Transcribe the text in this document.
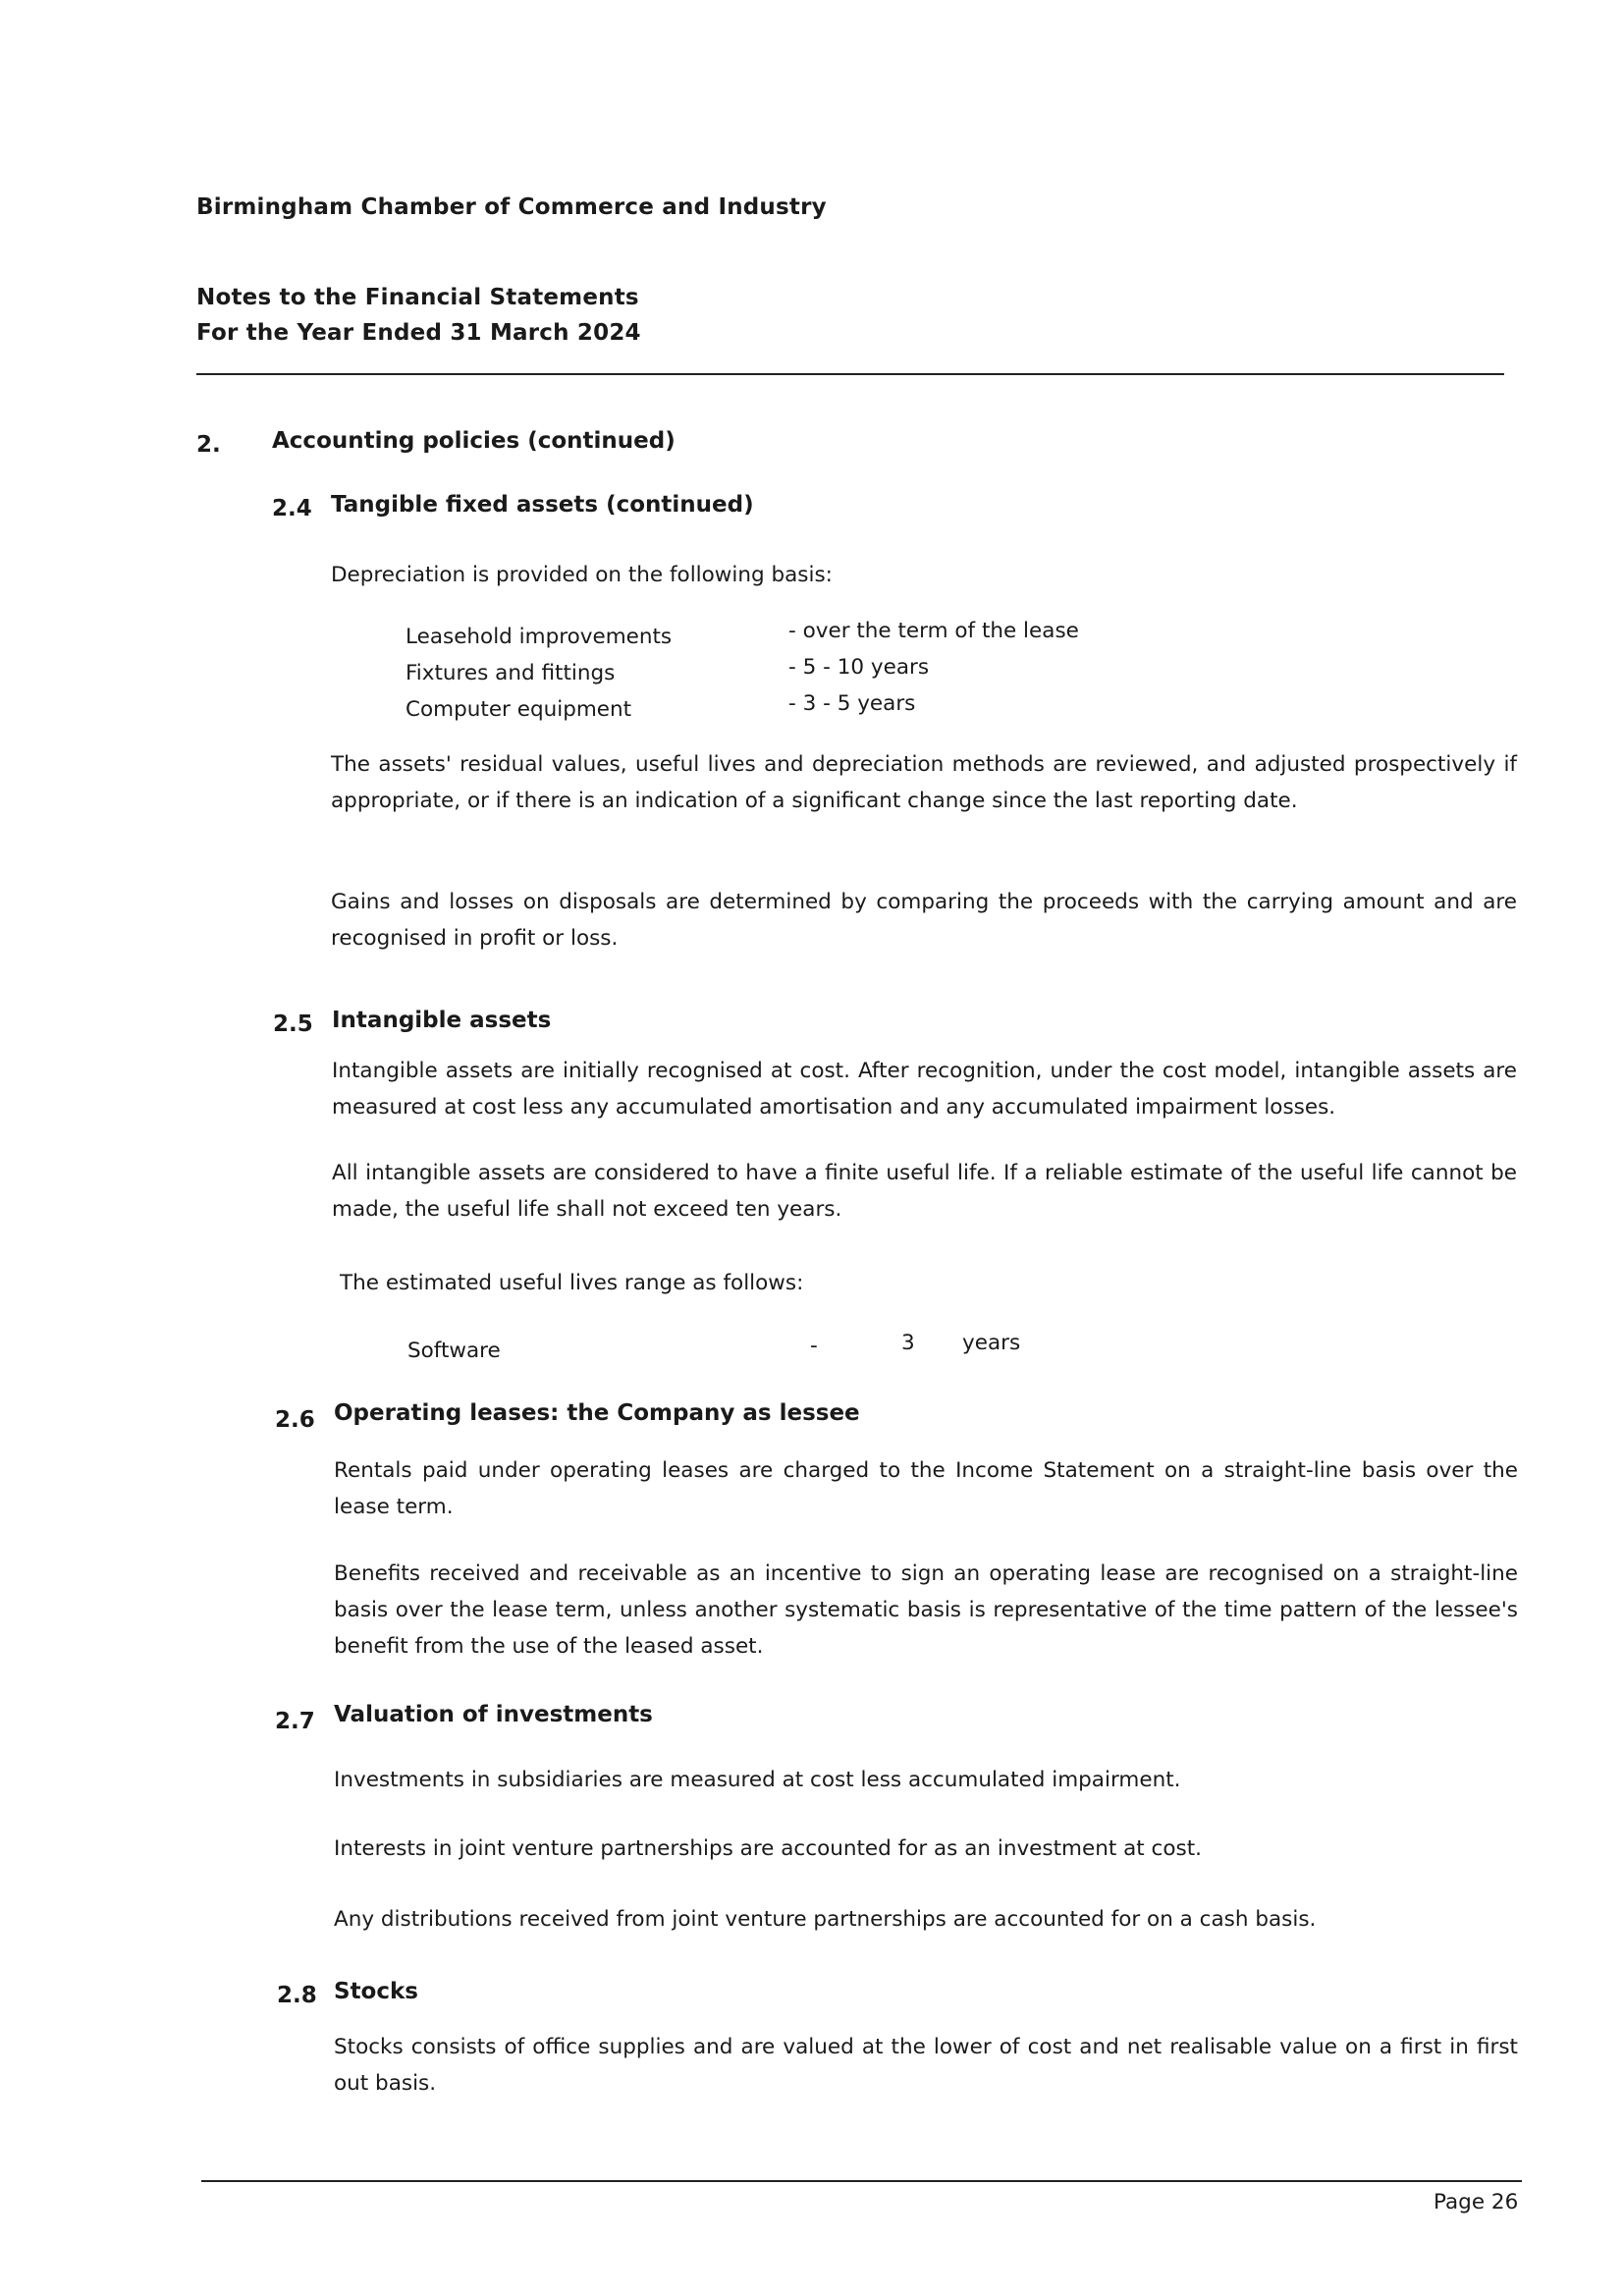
Birmingham Chamber of Commerce and Industry
Notes to the Financial Statements
For the Year Ended 31 March 2024
2. Accounting policies (continued)
2.4 Tangible fixed assets (continued)
Depreciation is provided on the following basis:
Leasehold improvements	- over the term of the lease
Fixtures and fittings	- 5 - 10 years
Computer equipment	- 3 - 5 years
The assets' residual values, useful lives and depreciation methods are reviewed, and adjusted prospectively if appropriate, or if there is an indication of a significant change since the last reporting date.
Gains and losses on disposals are determined by comparing the proceeds with the carrying amount and are recognised in profit or loss.
2.5 Intangible assets
Intangible assets are initially recognised at cost. After recognition, under the cost model, intangible assets are measured at cost less any accumulated amortisation and any accumulated impairment losses.
All intangible assets are considered to have a finite useful life. If a reliable estimate of the useful life cannot be made, the useful life shall not exceed ten years.
The estimated useful lives range as follows:
Software	-	3 years
2.6 Operating leases: the Company as lessee
Rentals paid under operating leases are charged to the Income Statement on a straight-line basis over the lease term.
Benefits received and receivable as an incentive to sign an operating lease are recognised on a straight-line basis over the lease term, unless another systematic basis is representative of the time pattern of the lessee's benefit from the use of the leased asset.
2.7 Valuation of investments
Investments in subsidiaries are measured at cost less accumulated impairment.
Interests in joint venture partnerships are accounted for as an investment at cost.
Any distributions received from joint venture partnerships are accounted for on a cash basis.
2.8 Stocks
Stocks consists of office supplies and are valued at the lower of cost and net realisable value on a first in first out basis.
Page 26
